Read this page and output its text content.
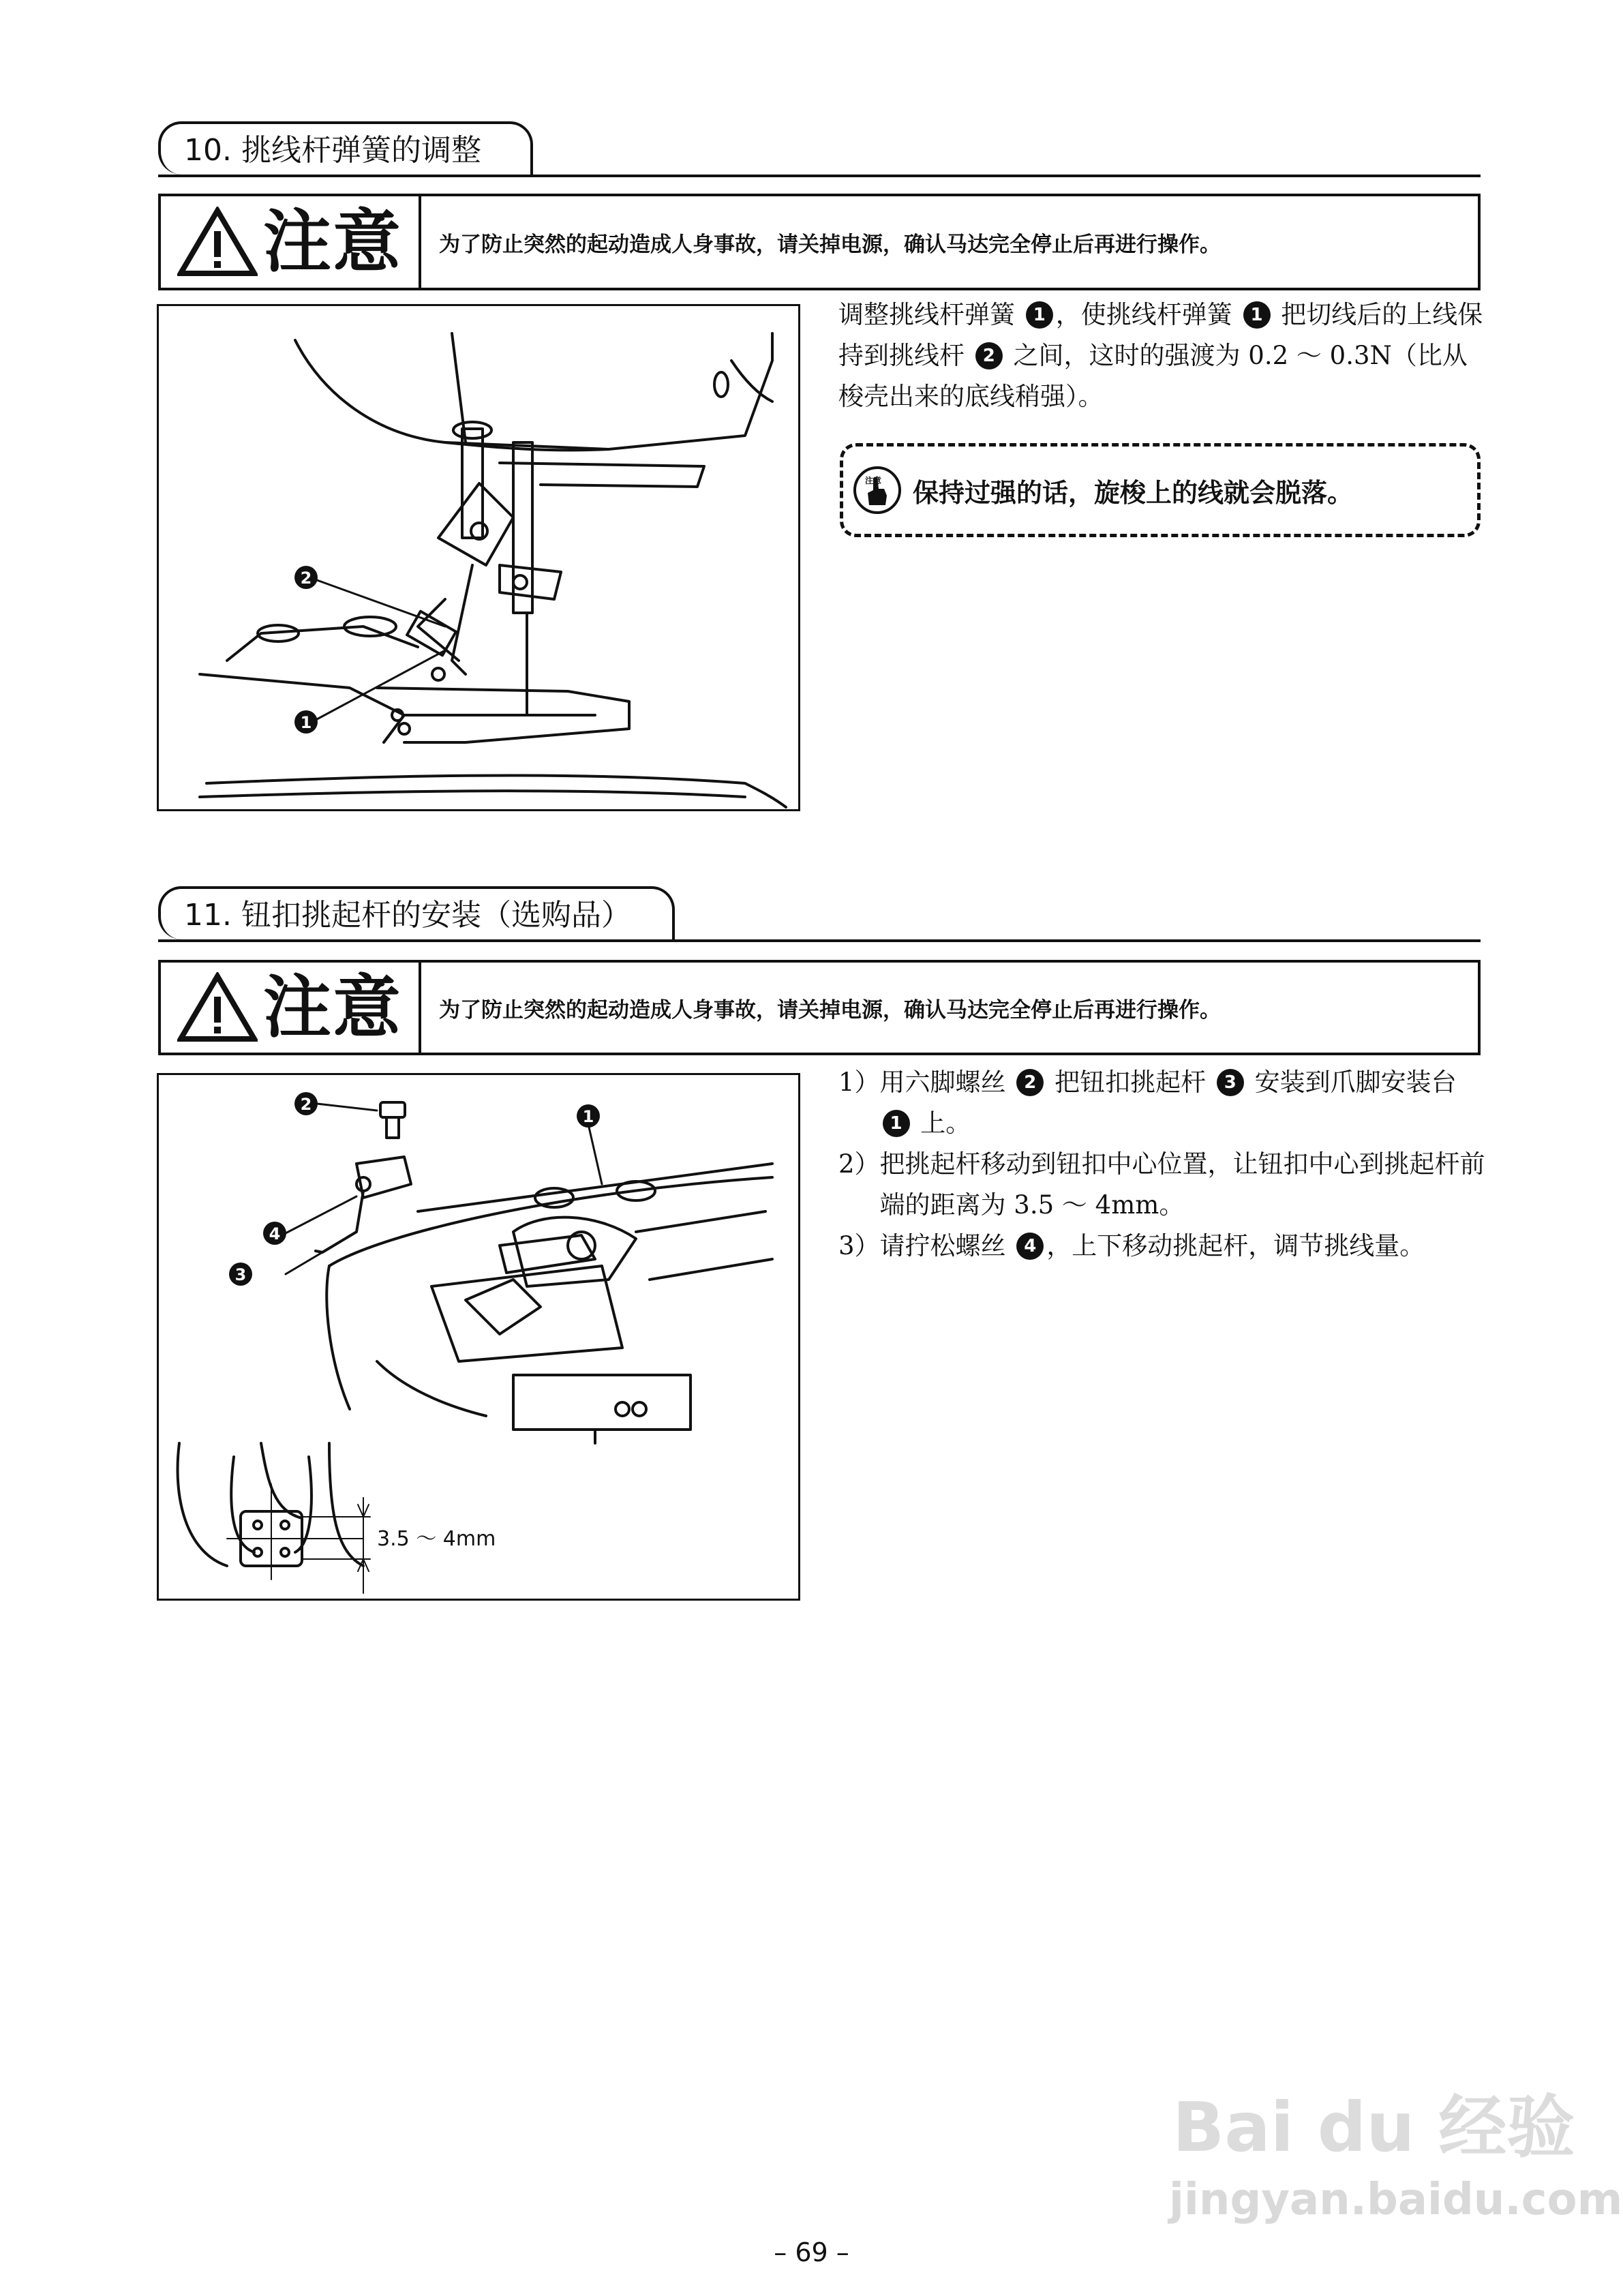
10. 挑线杆弹簧的调整
注意	为了防止突然的起动造成人身事故，请关掉电源，确认马达完全停止后再进行操作。
2
1
调整挑线杆弹簧 1 ，使挑线杆弹簧 1 把切线后的上线保持到挑线杆 2 之间，这时的强渡为 0.2 ～ 0.3N（比从梭壳出来的底线稍强）。
注意 保持过强的话，旋梭上的线就会脱落。
11. 钮扣挑起杆的安装（选购品）
注意	为了防止突然的起动造成人身事故，请关掉电源，确认马达完全停止后再进行操作。
2
1
4
3
3.5 ～ 4mm
1） 用六脚螺丝 2 把钮扣挑起杆 3 安装到爪脚安装台 1 上。
2） 把挑起杆移动到钮扣中心位置，让钮扣中心到挑起杆前端的距离为 3.5 ～ 4mm。
3） 请拧松螺丝 4 ，上下移动挑起杆，调节挑线量。
– 69 –
Bai du 经验
jingyan.baidu.com
